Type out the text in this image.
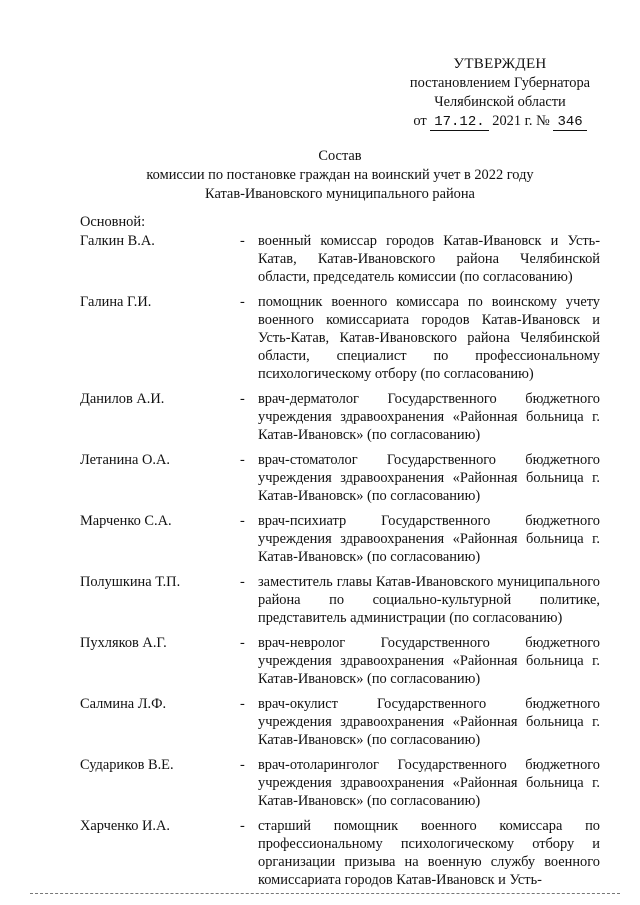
УТВЕРЖДЕН
постановлением Губернатора
Челябинской области
от 17.12. 2021 г. № 346
Состав
комиссии по постановке граждан на воинский учет в 2022 году
Катав-Ивановского муниципального района
Основной:
Галкин В.А.	- военный комиссар городов Катав-Ивановск и Усть-Катав, Катав-Ивановского района Челябинской области, председатель комиссии (по согласованию)
Галина Г.И.	- помощник военного комиссара по воинскому учету военного комиссариата городов Катав-Ивановск и Усть-Катав, Катав-Ивановского района Челябинской области, специалист по профессиональному психологическому отбору (по согласованию)
Данилов А.И.	- врач-дерматолог Государственного бюджетного учреждения здравоохранения «Районная больница г. Катав-Ивановск» (по согласованию)
Летанина О.А.	- врач-стоматолог Государственного бюджетного учреждения здравоохранения «Районная больница г. Катав-Ивановск» (по согласованию)
Марченко С.А.	- врач-психиатр Государственного бюджетного учреждения здравоохранения «Районная больница г. Катав-Ивановск» (по согласованию)
Полушкина Т.П.	- заместитель главы Катав-Ивановского муниципального района по социально-культурной политике, представитель администрации (по согласованию)
Пухляков А.Г.	- врач-невролог Государственного бюджетного учреждения здравоохранения «Районная больница г. Катав-Ивановск» (по согласованию)
Салмина Л.Ф.	- врач-окулист Государственного бюджетного учреждения здравоохранения «Районная больница г. Катав-Ивановск» (по согласованию)
Судариков В.Е.	- врач-отоларинголог Государственного бюджетного учреждения здравоохранения «Районная больница г. Катав-Ивановск» (по согласованию)
Харченко И.А.	- старший помощник военного комиссара по профессиональному психологическому отбору и организации призыва на военную службу военного комиссариата городов Катав-Ивановск и Усть-
